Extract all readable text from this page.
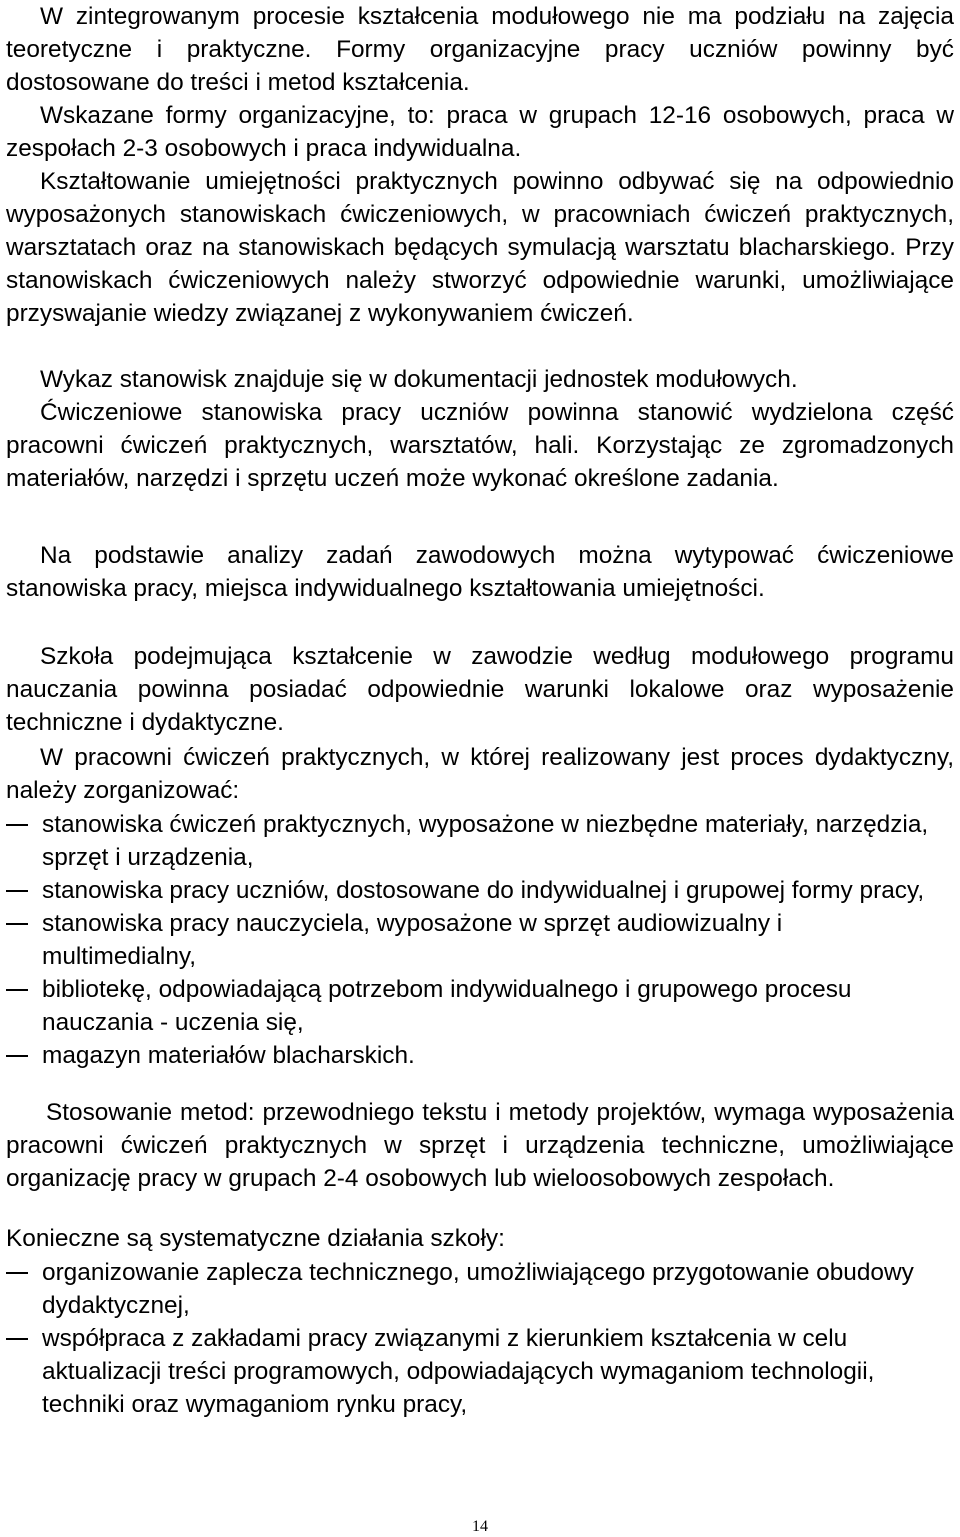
W zintegrowanym procesie kształcenia modułowego nie ma podziału na zajęcia teoretyczne i praktyczne. Formy organizacyjne pracy uczniów powinny być dostosowane do treści i metod kształcenia.

Wskazane formy organizacyjne, to: praca w grupach 12-16 osobowych, praca w zespołach 2-3 osobowych i praca indywidualna.

Kształtowanie umiejętności praktycznych powinno odbywać się na odpowiednio wyposażonych stanowiskach ćwiczeniowych, w pracowniach ćwiczeń praktycznych, warsztatach oraz na stanowiskach będących symulacją warsztatu blacharskiego. Przy stanowiskach ćwiczeniowych należy stworzyć odpowiednie warunki, umożliwiające przyswajanie wiedzy związanej z wykonywaniem ćwiczeń.

Wykaz stanowisk znajduje się w dokumentacji jednostek modułowych.

Ćwiczeniowe stanowiska pracy uczniów powinna stanowić wydzielona część pracowni ćwiczeń praktycznych, warsztatów, hali. Korzystając ze zgromadzonych materiałów, narzędzi i sprzętu uczeń może wykonać określone zadania.

Na podstawie analizy zadań zawodowych można wytypować ćwiczeniowe stanowiska pracy, miejsca indywidualnego kształtowania umiejętności.

Szkoła podejmująca kształcenie w zawodzie według modułowego programu nauczania powinna posiadać odpowiednie warunki lokalowe oraz wyposażenie techniczne i dydaktyczne.

W pracowni ćwiczeń praktycznych, w której realizowany jest proces dydaktyczny, należy zorganizować:

stanowiska ćwiczeń praktycznych, wyposażone w niezbędne materiały, narzędzia, sprzęt i urządzenia,
stanowiska pracy uczniów, dostosowane do indywidualnej i grupowej formy pracy,
stanowiska pracy nauczyciela, wyposażone w sprzęt audiowizualny i multimedialny,
bibliotekę, odpowiadającą potrzebom indywidualnego i grupowego procesu nauczania - uczenia się,
magazyn materiałów blacharskich.

Stosowanie metod: przewodniego tekstu i metody projektów, wymaga wyposażenia pracowni ćwiczeń praktycznych w sprzęt i urządzenia techniczne, umożliwiające organizację pracy w grupach 2-4 osobowych lub wieloosobowych zespołach.

Konieczne są systematyczne działania szkoły:

organizowanie zaplecza technicznego, umożliwiającego przygotowanie obudowy dydaktycznej,
współpraca z zakładami pracy związanymi z kierunkiem kształcenia w celu aktualizacji treści programowych, odpowiadających wymaganiom technologii, techniki oraz wymaganiom rynku pracy,
14
